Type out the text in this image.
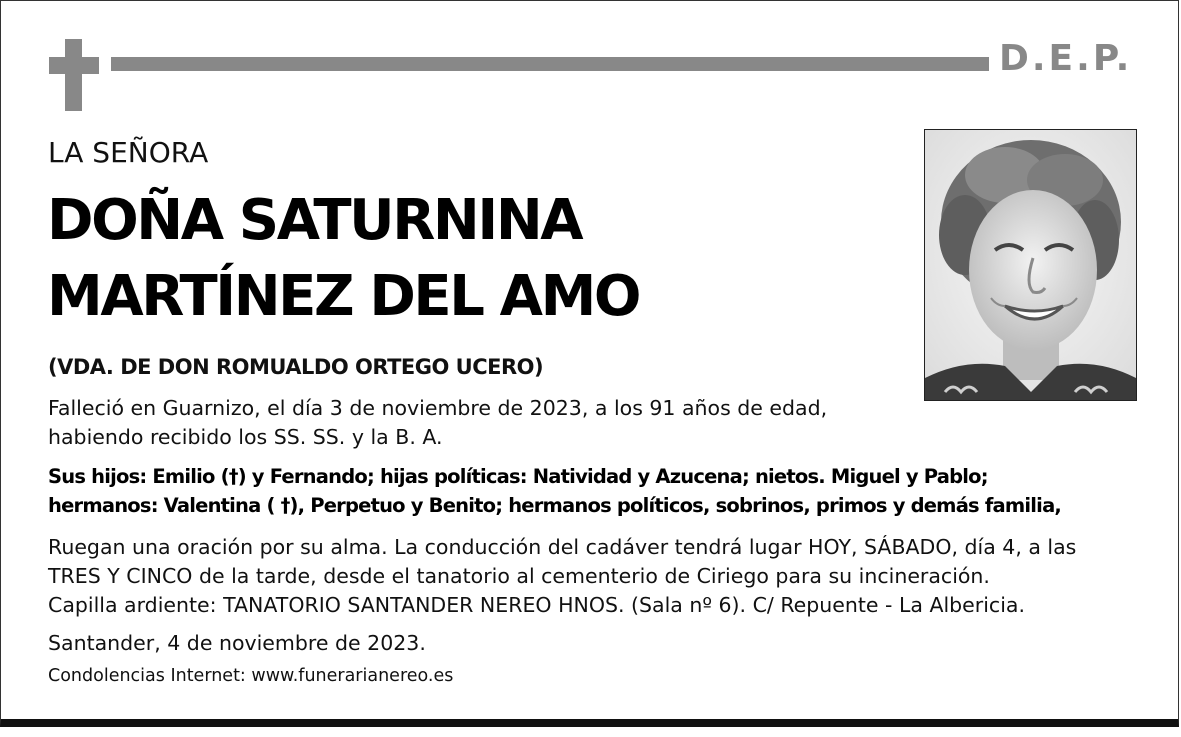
D.E.P.
LA SEÑORA
DOÑA SATURNINA
MARTÍNEZ DEL AMO
(VDA. DE DON ROMUALDO ORTEGO UCERO)
Falleció en Guarnizo, el día 3 de noviembre de 2023, a los 91 años de edad,
habiendo recibido los SS. SS. y la B. A.
Sus hijos: Emilio (†) y Fernando; hijas políticas: Natividad y Azucena; nietos. Miguel y Pablo;
hermanos: Valentina ( †), Perpetuo y Benito; hermanos políticos, sobrinos, primos y demás familia,
Ruegan una oración por su alma. La conducción del cadáver tendrá lugar HOY, SÁBADO, día 4, a las
TRES Y CINCO de la tarde, desde el tanatorio al cementerio de Ciriego para su incineración.
Capilla ardiente: TANATORIO SANTANDER NEREO HNOS. (Sala nº 6). C/ Repuente - La Albericia.
Santander, 4 de noviembre de 2023.
Condolencias Internet: www.funerarianereo.es
